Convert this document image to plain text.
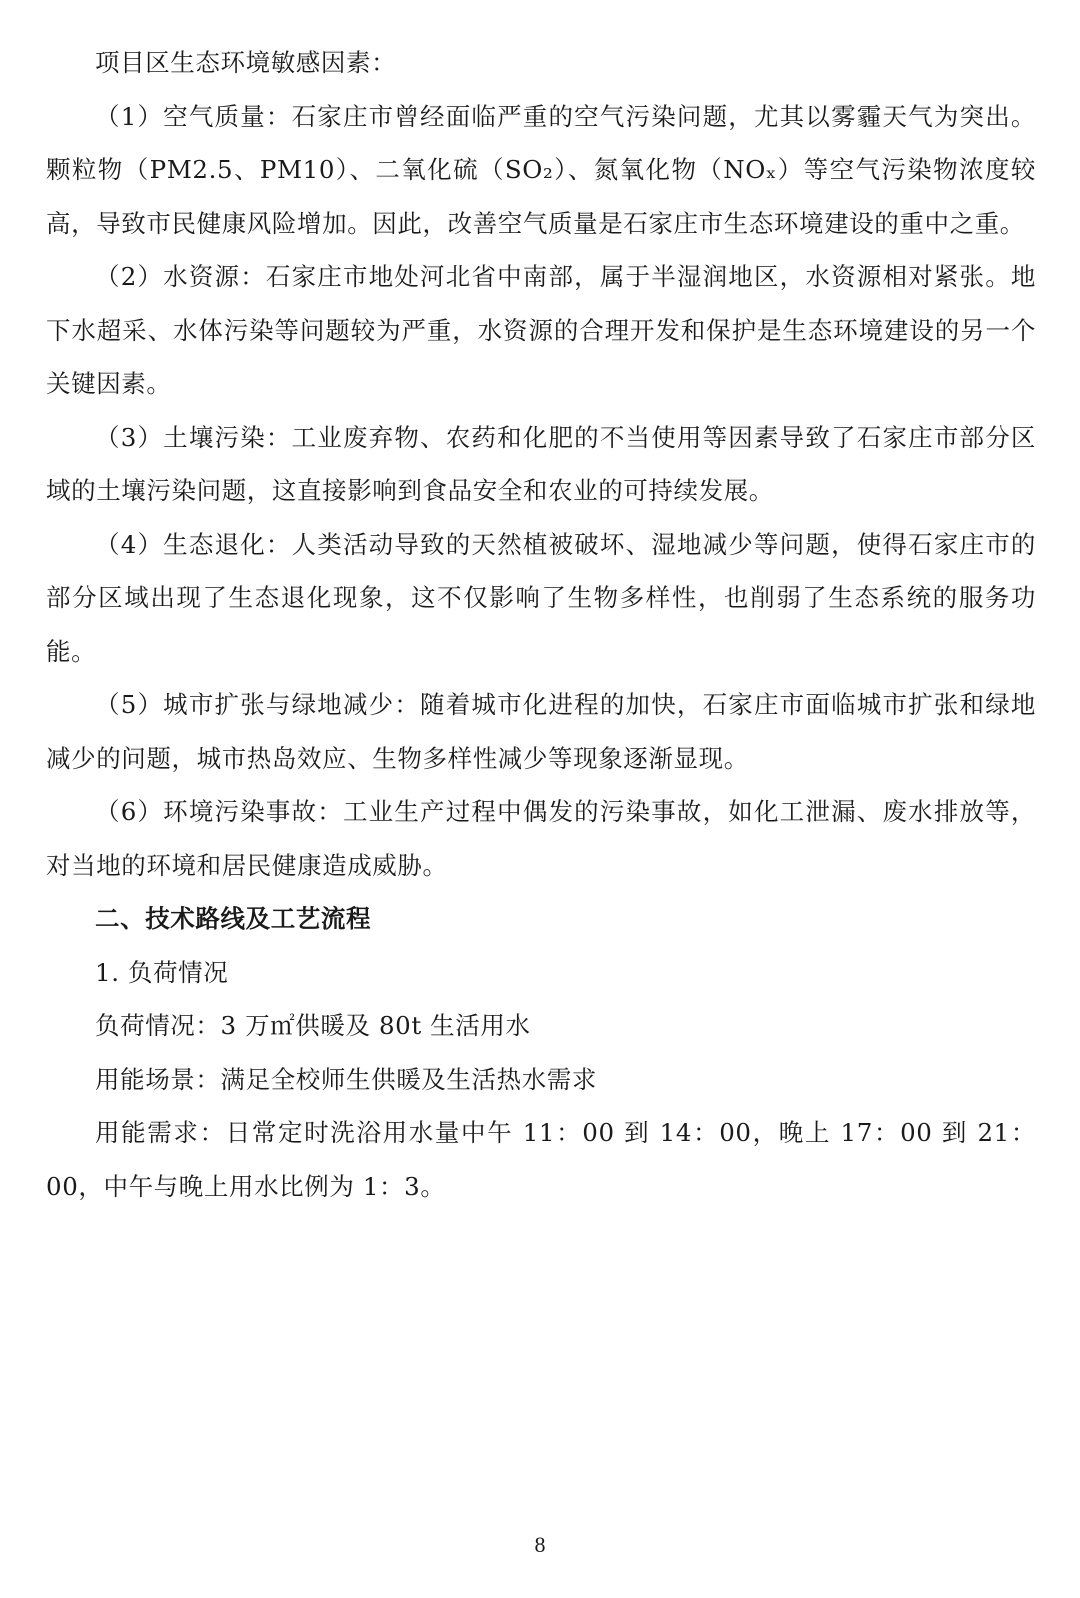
项目区生态环境敏感因素：

（1）空气质量：石家庄市曾经面临严重的空气污染问题，尤其以雾霾天气为突出。颗粒物（PM2.5、PM10）、二氧化硫（SO₂）、氮氧化物（NOₓ）等空气污染物浓度较高，导致市民健康风险增加。因此，改善空气质量是石家庄市生态环境建设的重中之重。

（2）水资源：石家庄市地处河北省中南部，属于半湿润地区，水资源相对紧张。地下水超采、水体污染等问题较为严重，水资源的合理开发和保护是生态环境建设的另一个关键因素。

（3）土壤污染：工业废弃物、农药和化肥的不当使用等因素导致了石家庄市部分区域的土壤污染问题，这直接影响到食品安全和农业的可持续发展。

（4）生态退化：人类活动导致的天然植被破坏、湿地减少等问题，使得石家庄市的部分区域出现了生态退化现象，这不仅影响了生物多样性，也削弱了生态系统的服务功能。

（5）城市扩张与绿地减少：随着城市化进程的加快，石家庄市面临城市扩张和绿地减少的问题，城市热岛效应、生物多样性减少等现象逐渐显现。

（6）环境污染事故：工业生产过程中偶发的污染事故，如化工泄漏、废水排放等，对当地的环境和居民健康造成威胁。

二、技术路线及工艺流程

1. 负荷情况

负荷情况：3 万㎡供暖及 80t 生活用水

用能场景：满足全校师生供暖及生活热水需求

用能需求：日常定时洗浴用水量中午 11：00 到 14：00，晚上 17：00 到 21：00，中午与晚上用水比例为 1：3。

8
